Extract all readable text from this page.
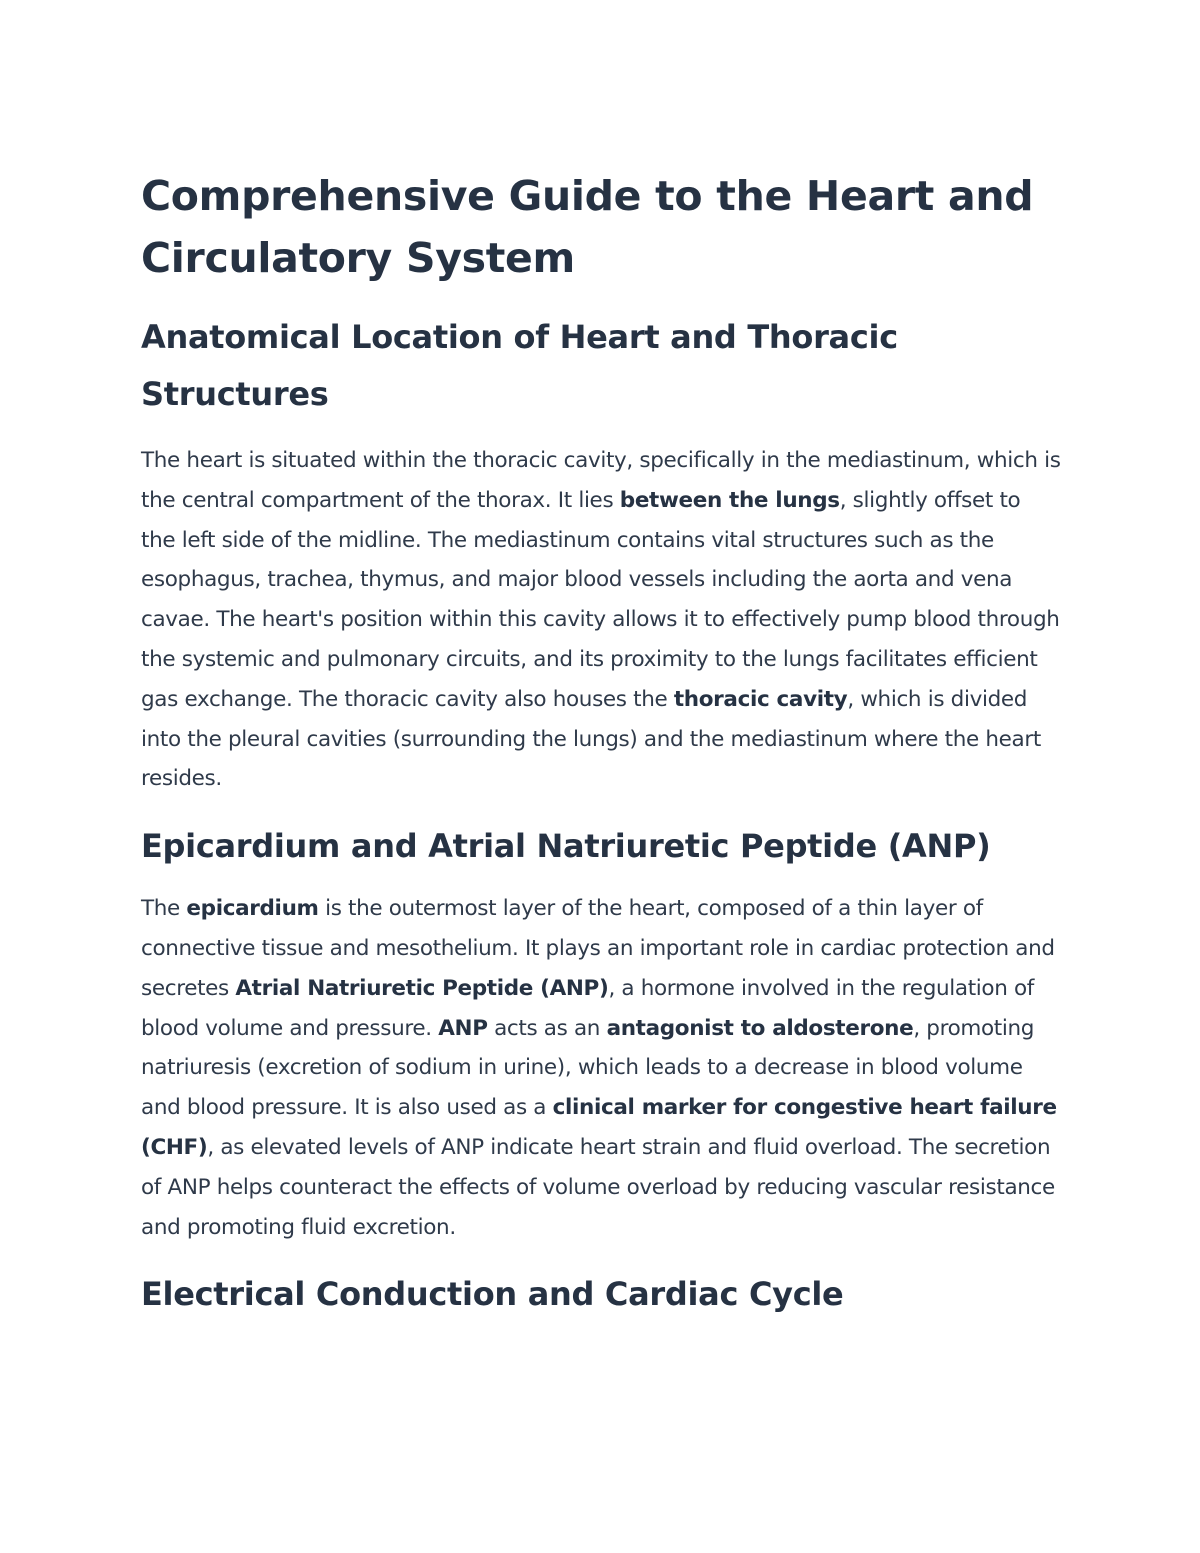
Comprehensive Guide to the Heart and Circulatory System
Anatomical Location of Heart and Thoracic Structures

The heart is situated within the thoracic cavity, specifically in the mediastinum, which is the central compartment of the thorax. It lies between the lungs, slightly offset to the left side of the midline. The mediastinum contains vital structures such as the esophagus, trachea, thymus, and major blood vessels including the aorta and vena cavae. The heart's position within this cavity allows it to effectively pump blood through the systemic and pulmonary circuits, and its proximity to the lungs facilitates efficient gas exchange. The thoracic cavity also houses the thoracic cavity, which is divided into the pleural cavities (surrounding the lungs) and the mediastinum where the heart resides.

Epicardium and Atrial Natriuretic Peptide (ANP)

The epicardium is the outermost layer of the heart, composed of a thin layer of connective tissue and mesothelium. It plays an important role in cardiac protection and secretes Atrial Natriuretic Peptide (ANP), a hormone involved in the regulation of blood volume and pressure. ANP acts as an antagonist to aldosterone, promoting natriuresis (excretion of sodium in urine), which leads to a decrease in blood volume and blood pressure. It is also used as a clinical marker for congestive heart failure (CHF), as elevated levels of ANP indicate heart strain and fluid overload. The secretion of ANP helps counteract the effects of volume overload by reducing vascular resistance and promoting fluid excretion.

Electrical Conduction and Cardiac Cycle
